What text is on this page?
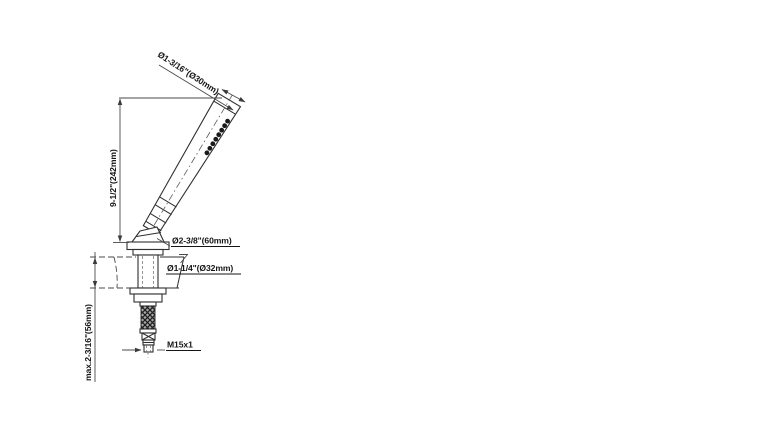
9-1/2"(242mm)
Ø1-3/16"(Ø30mm)
Ø2-3/8"(60mm)
Ø1-1/4"(Ø32mm)
max.2-3/16"(56mm)	M15x1
